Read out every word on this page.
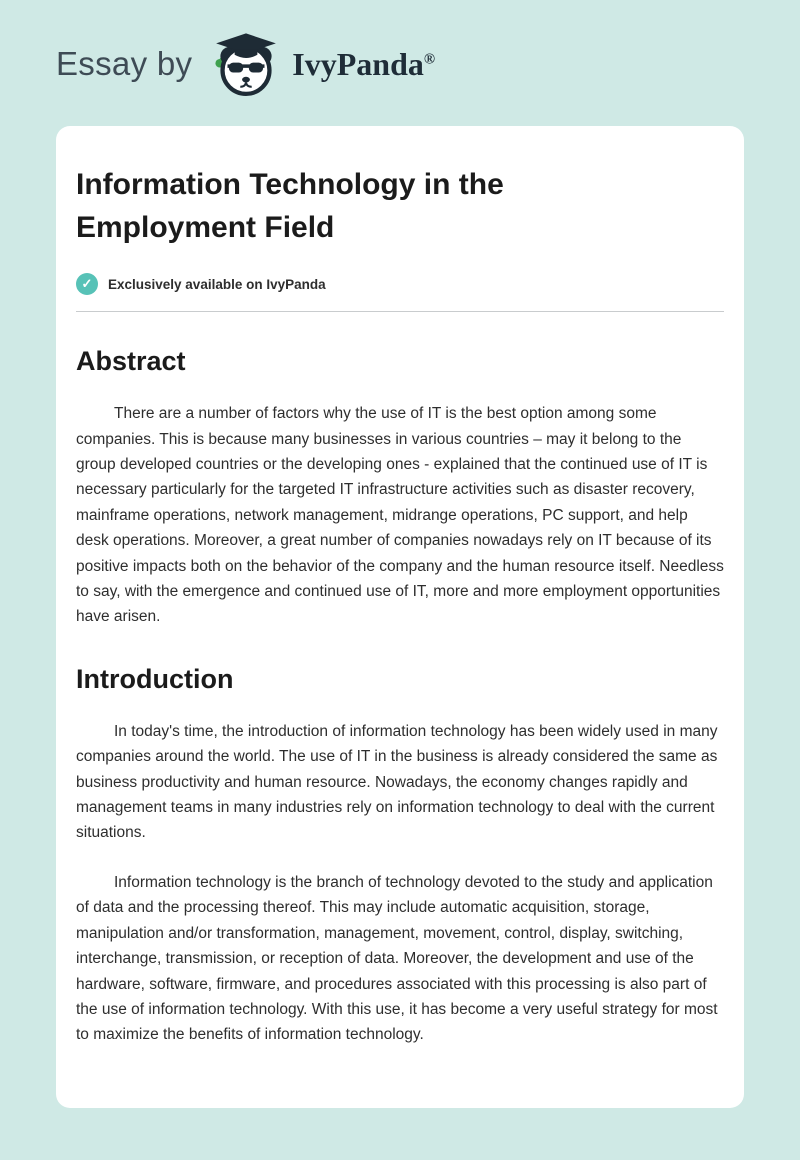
Essay by	IvyPanda®
Information Technology in the Employment Field
✓	Exclusively available on IvyPanda
Abstract

There are a number of factors why the use of IT is the best option among some companies. This is because many businesses in various countries – may it belong to the group developed countries or the developing ones - explained that the continued use of IT is necessary particularly for the targeted IT infrastructure activities such as disaster recovery, mainframe operations, network management, midrange operations, PC support, and help desk operations. Moreover, a great number of companies nowadays rely on IT because of its positive impacts both on the behavior of the company and the human resource itself. Needless to say, with the emergence and continued use of IT, more and more employment opportunities have arisen.

Introduction

In today's time, the introduction of information technology has been widely used in many companies around the world. The use of IT in the business is already considered the same as business productivity and human resource. Nowadays, the economy changes rapidly and management teams in many industries rely on information technology to deal with the current situations.

Information technology is the branch of technology devoted to the study and application of data and the processing thereof. This may include automatic acquisition, storage, manipulation and/or transformation, management, movement, control, display, switching, interchange, transmission, or reception of data. Moreover, the development and use of the hardware, software, firmware, and procedures associated with this processing is also part of the use of information technology. With this use, it has become a very useful strategy for most to maximize the benefits of information technology.
